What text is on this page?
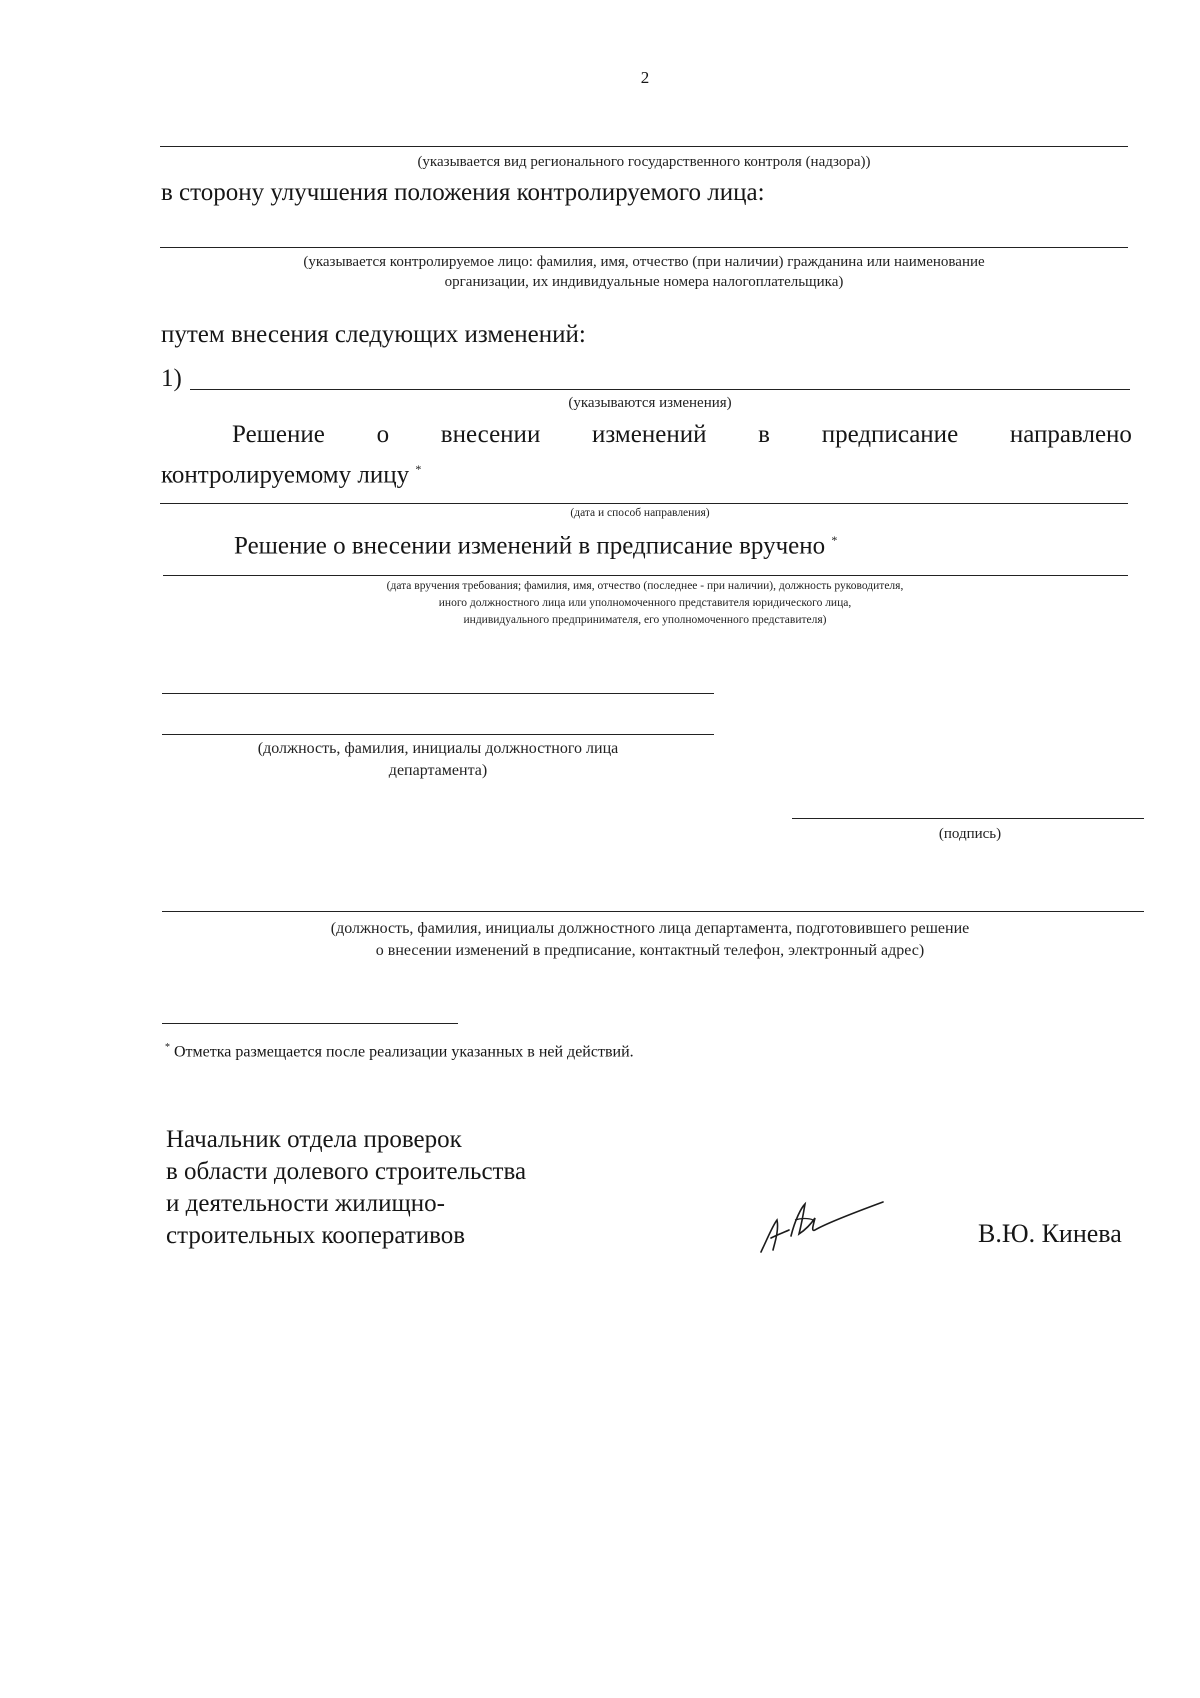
2
(указывается вид регионального государственного контроля (надзора))
в сторону улучшения положения контролируемого лица:
(указывается контролируемое лицо: фамилия, имя, отчество (при наличии) гражданина или наименование
организации, их индивидуальные номера налогоплательщика)
путем внесения следующих изменений:
1)
(указываются изменения)
Решение о внесении изменений в предписание направлено
контролируемому лицу *
(дата и способ направления)
Решение о внесении изменений в предписание вручено *
(дата вручения требования; фамилия, имя, отчество (последнее - при наличии), должность руководителя,
иного должностного лица или уполномоченного представителя юридического лица,
индивидуального предпринимателя, его уполномоченного представителя)
(должность, фамилия, инициалы должностного лица
департамента)
(подпись)
(должность, фамилия, инициалы должностного лица департамента, подготовившего решение
о внесении изменений в предписание, контактный телефон, электронный адрес)
* Отметка размещается после реализации указанных в ней действий.
Начальник отдела проверок
в области долевого строительства
и деятельности жилищно-
строительных кооперативов	В.Ю. Кинева
